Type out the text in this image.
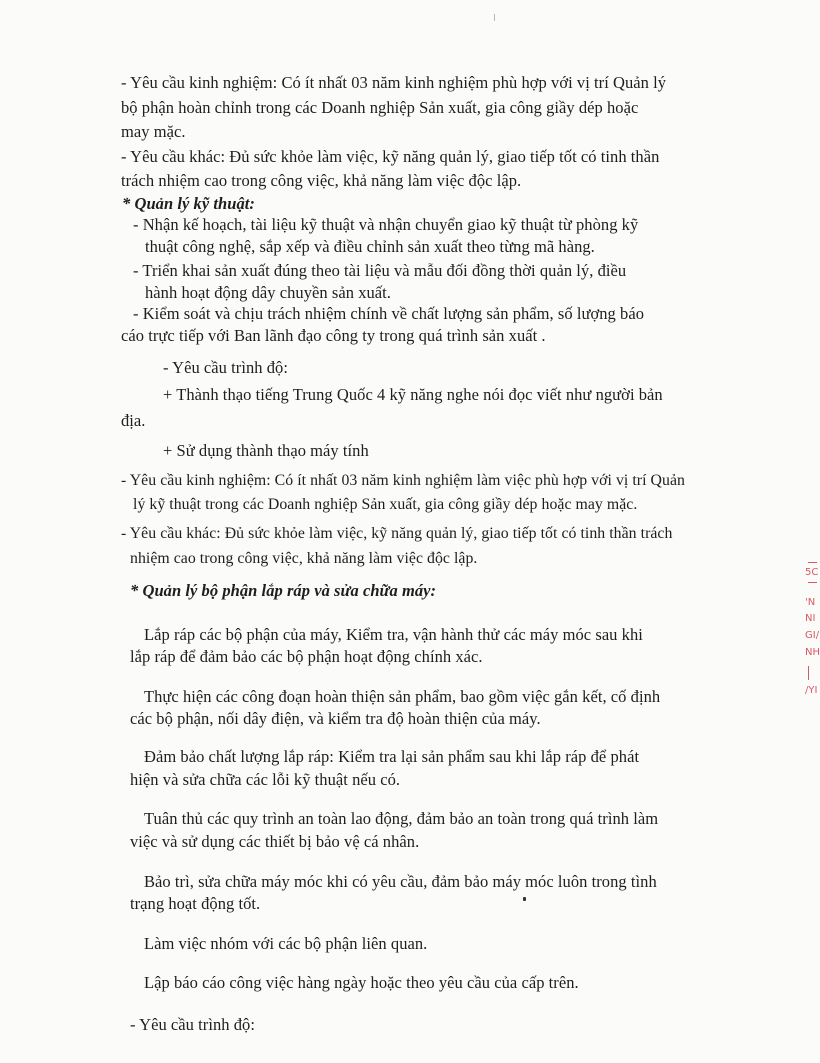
- Yêu cầu kinh nghiệm: Có ít nhất 03 năm kinh nghiệm phù hợp với vị trí Quản lý
bộ phận hoàn chỉnh trong các Doanh nghiệp Sản xuất, gia công giầy dép hoặc
may mặc.
- Yêu cầu khác: Đủ sức khỏe làm việc, kỹ năng quản lý, giao tiếp tốt có tinh thần
trách nhiệm cao trong công việc, khả năng làm việc độc lập.
* Quản lý kỹ thuật:
- Nhận kế hoạch, tài liệu kỹ thuật và nhận chuyển giao kỹ thuật từ phòng kỹ
thuật công nghệ, sắp xếp và điều chỉnh sản xuất theo từng mã hàng.
- Triển khai sản xuất đúng theo tài liệu và mẫu đối đồng thời quản lý, điều
hành hoạt động dây chuyền sản xuất.
- Kiểm soát và chịu trách nhiệm chính về chất lượng sản phẩm, số lượng báo
cáo trực tiếp với Ban lãnh đạo công ty trong quá trình sản xuất .
- Yêu cầu trình độ:
+ Thành thạo tiếng Trung Quốc 4 kỹ năng nghe nói đọc viết như người bản
địa.
+ Sử dụng thành thạo máy tính
- Yêu cầu kinh nghiệm: Có ít nhất 03 năm kinh nghiệm làm việc phù hợp với vị trí Quản
lý kỹ thuật trong các Doanh nghiệp Sản xuất, gia công giầy dép hoặc may mặc.
- Yêu cầu khác: Đủ sức khỏe làm việc, kỹ năng quản lý, giao tiếp tốt có tinh thần trách
nhiệm cao trong công việc, khả năng làm việc độc lập.
* Quản lý bộ phận lắp ráp và sửa chữa máy:
Lắp ráp các bộ phận của máy, Kiểm tra, vận hành thử các máy móc sau khi
lắp ráp để đảm bảo các bộ phận hoạt động chính xác.
Thực hiện các công đoạn hoàn thiện sản phẩm, bao gồm việc gắn kết, cố định
các bộ phận, nối dây điện, và kiểm tra độ hoàn thiện của máy.
Đảm bảo chất lượng lắp ráp: Kiểm tra lại sản phẩm sau khi lắp ráp để phát
hiện và sửa chữa các lỗi kỹ thuật nếu có.
Tuân thủ các quy trình an toàn lao động, đảm bảo an toàn trong quá trình làm
việc và sử dụng các thiết bị bảo vệ cá nhân.
Bảo trì, sửa chữa máy móc khi có yêu cầu, đảm bảo máy móc luôn trong tình
trạng hoạt động tốt.
Làm việc nhóm với các bộ phận liên quan.
Lập báo cáo công việc hàng ngày hoặc theo yêu cầu của cấp trên.
- Yêu cầu trình độ:
5C
'N
NI
GI/
NH
/YI
